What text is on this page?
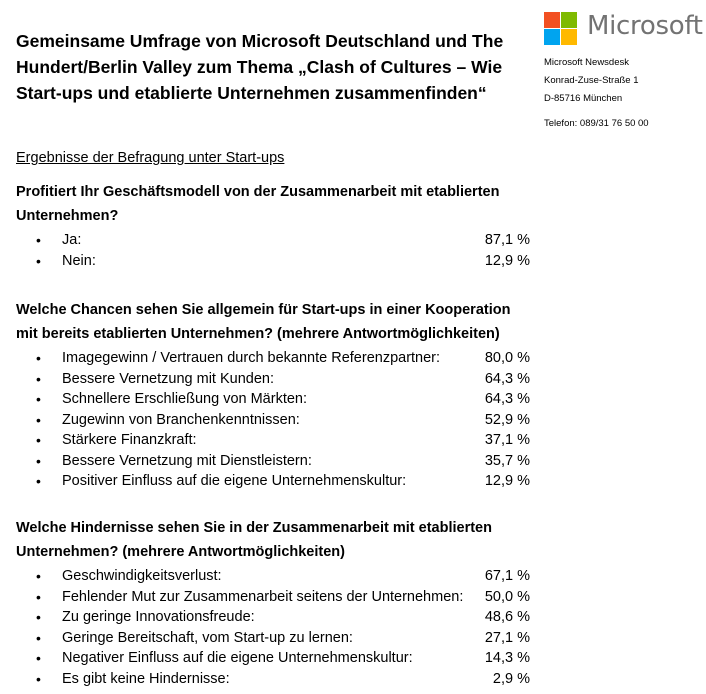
Gemeinsame Umfrage von Microsoft Deutschland und The Hundert/Berlin Valley zum Thema „Clash of Cultures – Wie Start-ups und etablierte Unternehmen zusammenfinden“
Microsoft
Microsoft Newsdesk
Konrad-Zuse-Straße 1
D-85716 München
Telefon: 089/31 76 50 00
Ergebnisse der Befragung unter Start-ups
Profitiert Ihr Geschäftsmodell von der Zusammenarbeit mit etablierten Unternehmen?
• Ja:	87,1 %
• Nein:	12,9 %
Welche Chancen sehen Sie allgemein für Start-ups in einer Kooperation mit bereits etablierten Unternehmen? (mehrere Antwortmöglichkeiten)
• Imagegewinn / Vertrauen durch bekannte Referenzpartner:	80,0 %
• Bessere Vernetzung mit Kunden:	64,3 %
• Schnellere Erschließung von Märkten:	64,3 %
• Zugewinn von Branchenkenntnissen:	52,9 %
• Stärkere Finanzkraft:	37,1 %
• Bessere Vernetzung mit Dienstleistern:	35,7 %
• Positiver Einfluss auf die eigene Unternehmenskultur:	12,9 %
Welche Hindernisse sehen Sie in der Zusammenarbeit mit etablierten Unternehmen? (mehrere Antwortmöglichkeiten)
• Geschwindigkeitsverlust:	67,1 %
• Fehlender Mut zur Zusammenarbeit seitens der Unternehmen: 50,0 %
• Zu geringe Innovationsfreude:	48,6 %
• Geringe Bereitschaft, vom Start-up zu lernen:	27,1 %
• Negativer Einfluss auf die eigene Unternehmenskultur:	14,3 %
• Es gibt keine Hindernisse:	2,9 %
